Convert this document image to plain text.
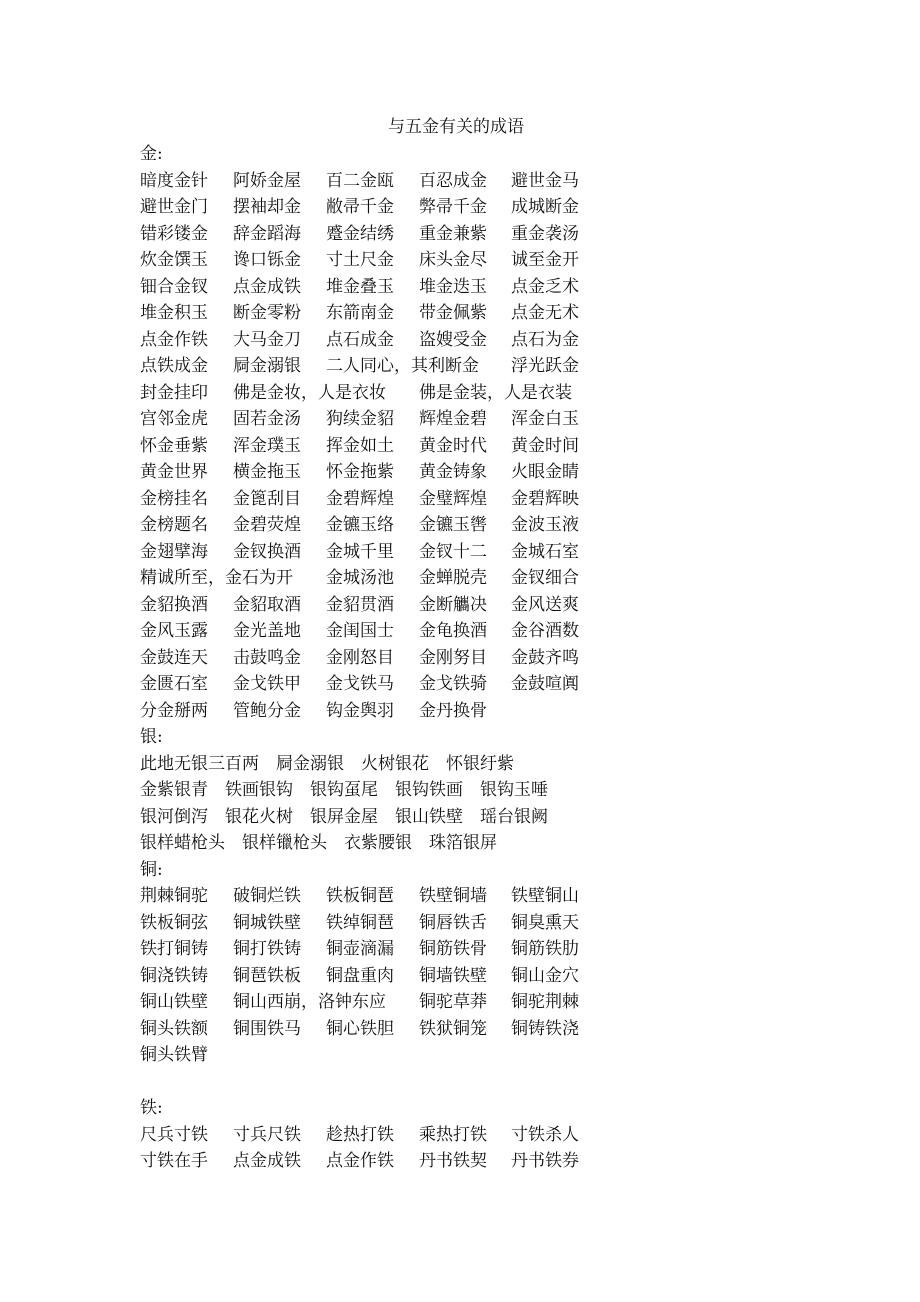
与五金有关的成语
金:
暗度金针 阿娇金屋 百二金瓯 百忍成金 避世金马
避世金门 摆袖却金 敝帚千金 弊帚千金 成城断金
错彩镂金 辞金蹈海 蹙金结绣 重金兼紫 重金袭汤
炊金馔玉 谗口铄金 寸土尺金 床头金尽 诚至金开
钿合金钗 点金成铁 堆金叠玉 堆金迭玉 点金乏术
堆金积玉 断金零粉 东箭南金 带金佩紫 点金无术
点金作铁 大马金刀 点石成金 盗嫂受金 点石为金
点铁成金 屙金溺银 二人同心，其利断金 浮光跃金
封金挂印 佛是金妆，人是衣妆 佛是金装，人是衣装
宫邻金虎 固若金汤 狗续金貂 辉煌金碧 浑金白玉
怀金垂紫 浑金璞玉 挥金如土 黄金时代 黄金时间
黄金世界 横金拖玉 怀金拖紫 黄金铸象 火眼金睛
金榜挂名 金篦刮目 金碧辉煌 金璧辉煌 金碧辉映
金榜题名 金碧荧煌 金镳玉络 金镳玉辔 金波玉液
金翅擘海 金钗换酒 金城千里 金钗十二 金城石室
精诚所至，金石为开 金城汤池 金蝉脱壳 金钗细合
金貂换酒 金貂取酒 金貂贯酒 金断觿决 金风送爽
金风玉露 金光盖地 金闺国士 金龟换酒 金谷酒数
金鼓连天 击鼓鸣金 金刚怒目 金刚努目 金鼓齐鸣
金匮石室 金戈铁甲 金戈铁马 金戈铁骑 金鼓喧阗
分金掰两 管鲍分金 钩金舆羽 金丹换骨
银:
此地无银三百两　屙金溺银　火树银花　怀银纡紫
金紫银青　铁画银钩　银钩虿尾　银钩铁画　银钩玉唾
银河倒泻　银花火树　银屏金屋　银山铁壁　瑶台银阙
银样蜡枪头　银样镴枪头　衣紫腰银　珠箔银屏
铜:
荆棘铜驼 破铜烂铁 铁板铜琶 铁壁铜墙 铁壁铜山
铁板铜弦 铜城铁壁 铁绰铜琶 铜唇铁舌 铜臭熏天
铁打铜铸 铜打铁铸 铜壶滴漏 铜筋铁骨 铜筋铁肋
铜浇铁铸 铜琶铁板 铜盘重肉 铜墙铁壁 铜山金穴
铜山铁壁 铜山西崩，洛钟东应 铜驼草莽 铜驼荆棘
铜头铁额 铜围铁马 铜心铁胆 铁狱铜笼 铜铸铁浇
铜头铁臂
铁:
尺兵寸铁 寸兵尺铁 趁热打铁 乘热打铁 寸铁杀人
寸铁在手 点金成铁 点金作铁 丹书铁契 丹书铁券
